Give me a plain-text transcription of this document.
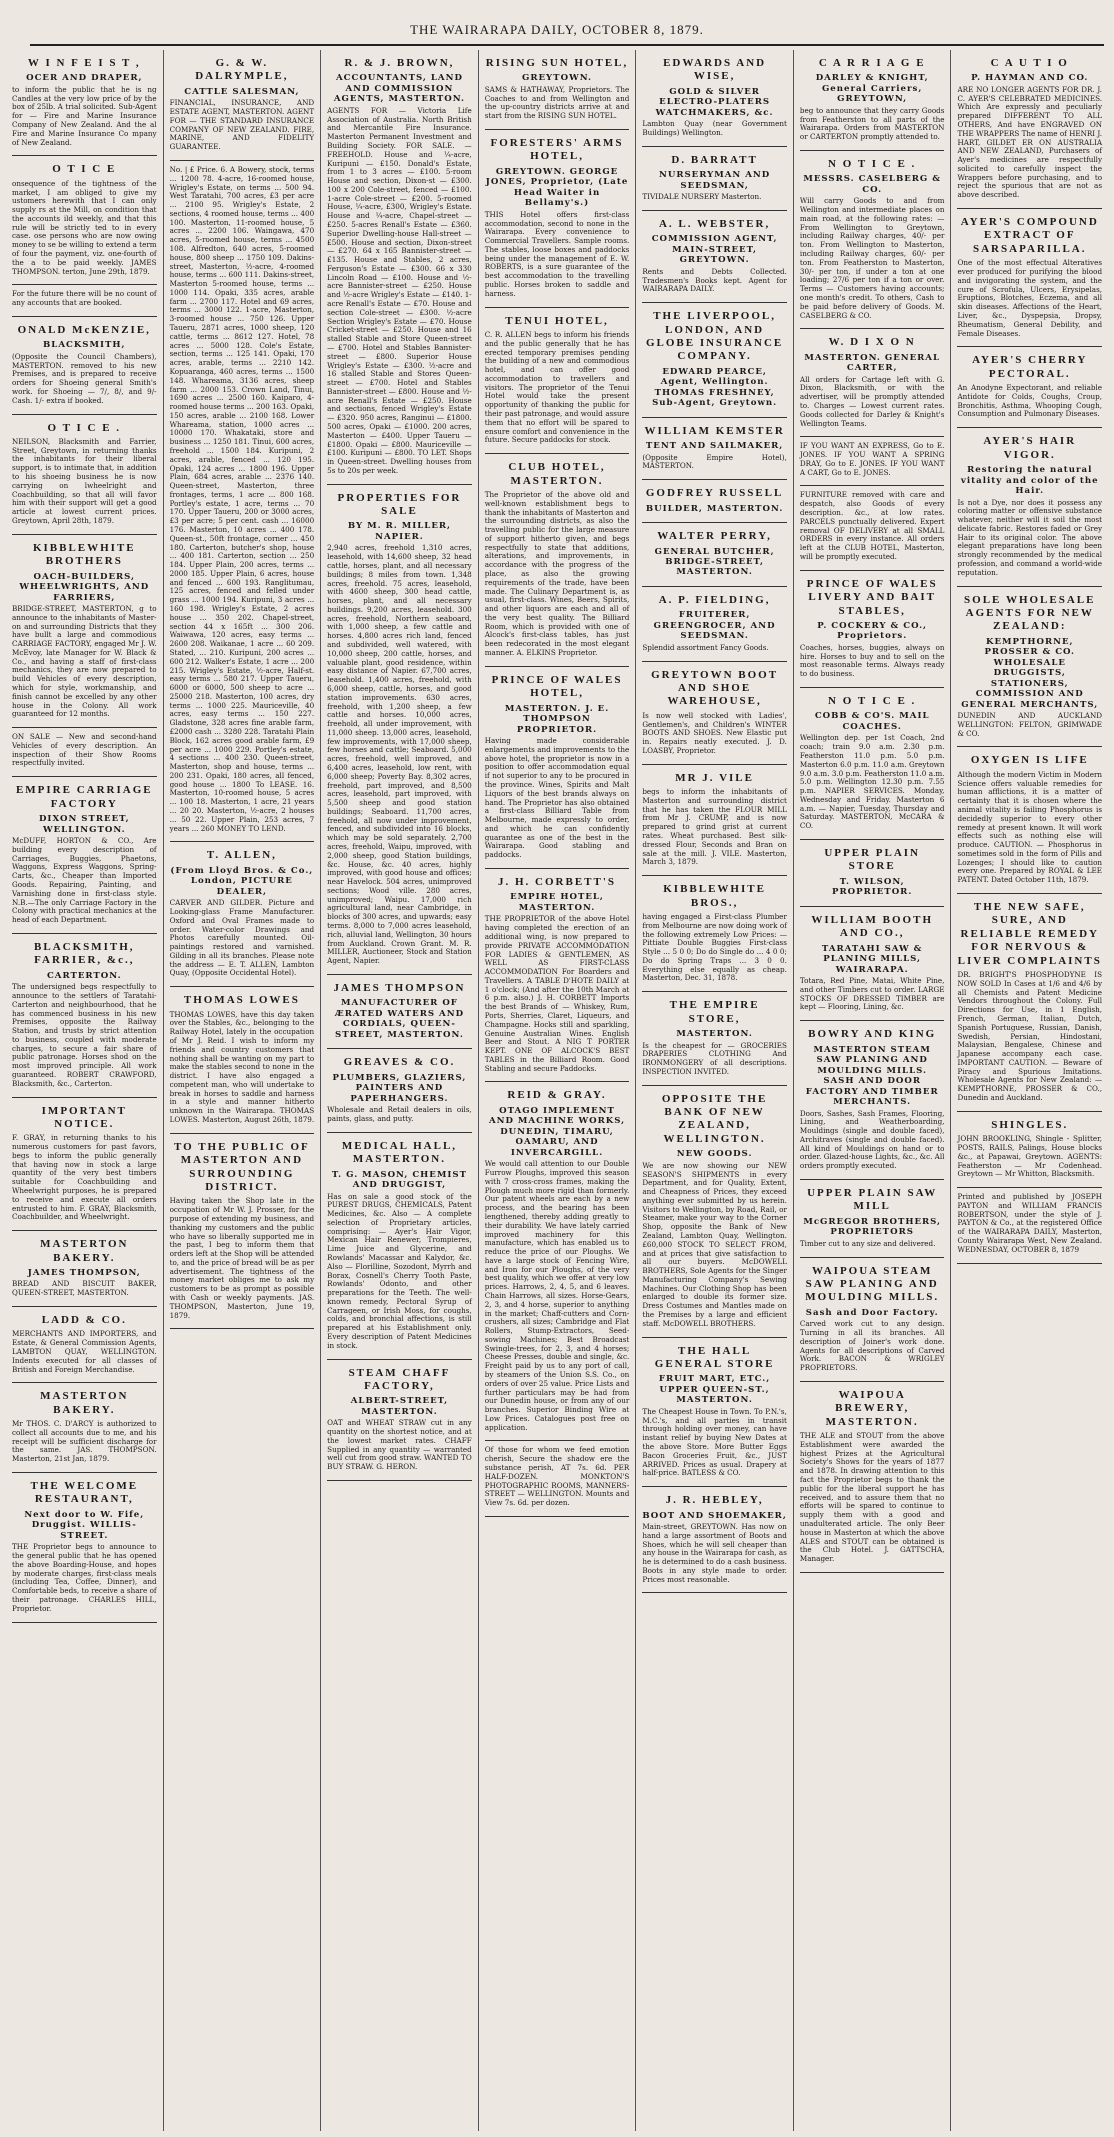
THE WAIRARAPA DAILY, OCTOBER 8, 1879.
W I N F E I S T ,
OCER AND DRAPER,

to inform the public that he is ng Candles at the very low price of by the box of 25lb. A trial solicited. Sub-Agent for — Fire and Marine Insurance Company of New Zealand. And the al Fire and Marine Insurance Co mpany of New Zealand.

O T I C E

onsequence of the tightness of the market, I am obliged to give my ustomers herewith that I can only supply rs at the Mill, on condition that the accounts ild weekly, and that this rule will be strictly ted to in every case. ose persons who are now owing money to se be willing to extend a term of four the payment, viz. one-fourth of the a to be paid weekly. JAMES THOMPSON. terton, June 29th, 1879.

For the future there will be no count of any accounts that are booked.

ONALD McKENZIE,
BLACKSMITH,

(Opposite the Council Chambers), MASTERTON. removed to his new Premises, and is prepared to receive orders for Shoeing general Smith's work. for Shoeing — 7/, 8/, and 9/- Cash. 1/- extra if booked.

O T I C E .

NEILSON, Blacksmith and Farrier, Street, Greytown, in returning thanks the inhabitants for their liberal support, is to intimate that, in addition to his shoeing business he is now carrying on lwheelright and Coachbuilding, so that all will favor him with their support will get a good article at lowest current prices. Greytown, April 28th, 1879.

KIBBLEWHITE BROTHERS
OACH-BUILDERS, WHEELWRIGHTS, AND FARRIERS,

BRIDGE-STREET, MASTERTON, g to announce to the inhabitants of Master- on and surrounding Districts that they have bullt a large and commodious CARRIAGE FACTORY, engaged Mr J. W. McEvoy, late Manager for W. Black & Co., and having a staff of first-class mechanics, they are now prepared to build Vehicles of every description, which for style, workmanship, and finish cannot be excelled by any other house in the Colony. All work guaranteed for 12 months.

ON SALE — New and second-hand Vehicles of every description. An inspection of their Show Rooms respectfully invited.

EMPIRE CARRIAGE FACTORY
DIXON STREET, WELLINGTON.

McDUFF, HORTON & CO., Are building every description of Carriages, Buggies, Phaetons, Waggons, Express Waggons, Spring-Carts, &c., Cheaper than Imported Goods. Repairing, Painting, and Varnishing done in first-class style. N.B.—The only Carriage Factory in the Colony with practical mechanics at the head of each Department.

BLACKSMITH, FARRIER, &c.,
CARTERTON.

The undersigned begs respectfully to announce to the settlers of Taratahi-Carterton and neighbourhood, that he has commenced business in his new Premises, opposite the Railway Station, and trusts by strict attention to business, coupled with moderate charges, to secure a fair share of public patronage. Horses shod on the most improved principle. All work guaranteed. ROBERT CRAWFORD, Blacksmith, &c., Carterton.

IMPORTANT NOTICE.

F. GRAY, in returning thanks to his numerous customers for past favors, begs to inform the public generally that having now in stock a large quantity of the very best timbers suitable for Coachbuilding and Wheelwright purposes, he is prepared to receive and execute all orders entrusted to him. F. GRAY, Blacksmith, Coachbuilder, and Wheelwright.

MASTERTON BAKERY.
JAMES THOMPSON,

BREAD AND BISCUIT BAKER, QUEEN-STREET, MASTERTON.

LADD & CO.

MERCHANTS AND IMPORTERS, and Estate, & General Commission Agents, LAMBTON QUAY, WELLINGTON. Indents executed for all classes of British and Foreign Merchandise.

MASTERTON BAKERY.

Mr THOS. C. D'ARCY is authorized to collect all accounts due to me, and his receipt will be sufficient discharge for the same. JAS. THOMPSON. Masterton, 21st Jan, 1879.

THE WELCOME RESTAURANT,
Next door to W. Fife, Druggist. WILLIS-STREET.

THE Proprietor begs to announce to the general public that he has opened the above Boarding-House, and hopes by moderate charges, first-class meals (including Tea, Coffee, Dinner), and Comfortable beds, to receive a share of their patronage. CHARLES HILL, Proprietor.

G. & W. DALRYMPLE,
CATTLE SALESMAN,

FINANCIAL, INSURANCE, AND ESTATE AGENT, MASTERTON. AGENT FOR — THE STANDARD INSURANCE COMPANY OF NEW ZEALAND. FIRE, MARINE, AND FIDELITY GUARANTEE.

No. | £ Price. 6. A Bowery, stock, terms ... 1200 78. 4-acre, 16-roomed house, Wrigley's Estate, on terms ... 500 94. West Taratahi, 700 acres, £3 per acre ... 2100 95. Wrigley's Estate, 2 sections, 4 roomed house, terms ... 400 100. Masterton, 11-roomed house, 5 acres ... 2200 106. Waingawa, 470 acres, 5-roomed house, terms ... 4500 108. Alfredton, 640 acres, 5-roomed house, 800 sheep ... 1750 109. Dakins-street, Masterton, ½-acre, 4-roomed house, terms ... 600 111. Dakins-street, Masterton 5-roomed house, terms ... 1000 114. Opaki, 335 acres, arable farm ... 2700 117. Hotel and 69 acres, terms ... 3000 122. 1-acre, Masterton, 3-roomed house ... 750 126. Upper Taueru, 2871 acres, 1000 sheep, 120 cattle, terms ... 8612 127. Hotel, 78 acres ... 5000 128. Cole's Estate, section, terms ... 125 141. Opaki, 170 acres, arable, terms ... 2210 142. Kopuaranga, 460 acres, terms ... 1500 148. Whareama, 3136 acres, sheep farm ... 2000 153. Crown Land, Tinui, 1690 acres ... 2500 160. Kaiparo, 4-roomed house terms ... 200 163. Opaki, 150 acres, arable ... 2100 168. Lower Whareama, station, 1000 acres ... 10000 170. Whakataki, store and business ... 1250 181. Tinui, 600 acres, freehold ... 1500 184. Kuripuni, 2 acres, arable, fenced ... 120 195. Opaki, 124 acres ... 1800 196. Upper Plain, 684 acres, arable ... 2376 140. Queen-street, Masterton, three frontages, terms, 1 acre ... 800 168. Portley's estate, 1 acre, terms ... 70 170. Upper Taueru, 200 or 3000 acres, £3 per acre; 5 per cent. cash ... 16000 176. Masterton, 10 acres ... 400 178. Queen-st., 50ft frontage, corner ... 450 180. Carterton, butcher's shop, house ... 400 181. Carterton, section ... 250 184. Upper Plain, 200 acres, terms ... 2000 185. Upper Plain, 6 acres, house and fenced ... 600 193. Ranglitumau, 125 acres, fenced and felled under grass ... 1000 194. Kuripuni, 3 acres ... 160 198. Wrigley's Estate, 2 acres house ... 350 202. Chapel-street, section 44 x 165ft ... 300 206. Waiwawa, 120 acres, easy terms ... 2600 208. Waikanae, 1 acre ... 60 209. Stated, ... 210. Kuripuni, 200 acres ... 600 212. Walker's Estate, 1 acre ... 200 215. Wrigley's Estate, ½-acre, Half-st. easy terms ... 580 217. Upper Taueru, 6000 or 6000, 500 sheep to acre ... 25000 218. Masterton, 100 acres, dry terms ... 1000 225. Mauriceville, 40 acres, easy terms ... 150 227. Gladstone, 328 acres fine arable farm, £2000 cash ... 3280 228. Taratahi Plain Block, 162 acres good arable farm, £9 per acre ... 1000 229. Portley's estate, 4 sections ... 400 230. Queen-street, Masterton, shop and house, terms ... 200 231. Opaki, 180 acres, all fenced, good house ... 1800 To LEASE. 16. Masterton, 10-roomed house, 5 acres ... 100 18. Masterton, 1 acre, 21 years ... 20 20. Masterton, ½-acre, 2 houses ... 50 22. Upper Plain, 253 acres, 7 years ... 260 MONEY TO LEND.

T. ALLEN,
(From Lloyd Bros. & Co., London, PICTURE DEALER,

CARVER AND GILDER. Picture and Looking-glass Frame Manufacturer. Oxford and Oval Frames made to order. Water-color Drawings and Photos carefully mounted. Oil-paintings restored and varnished. Gilding in all its branches. Please note the address — E. T. ALLEN, Lambton Quay, (Opposite Occidental Hotel).

THOMAS LOWES

THOMAS LOWES, have this day taken over the Stables, &c., belonging to the Railway Hotel, lately in the occupation of Mr J. Reid. I wish to inform my friends and country customers that nothing shall be wanting on my part to make the stables second to none in the district. I have also engaged a competent man, who will undertake to break in horses to saddle and harness in a style and manner hitherto unknown in the Wairarapa. THOMAS LOWES. Masterton, August 26th, 1879.

TO THE PUBLIC OF MASTERTON AND SURROUNDING DISTRICT.

Having taken the Shop late in the occupation of Mr W. J. Prosser, for the purpose of extending my business, and thanking my customers and the public who have so liberally supported me in the past, I beg to inform them that orders left at the Shop will be attended to, and the price of bread will be as per advertisement. The tightness of the money market obliges me to ask my customers to be as prompt as possible with Cash or weekly payments. JAS. THOMPSON, Masterton, June 19, 1879.

R. & J. BROWN,
ACCOUNTANTS, LAND AND COMMISSION AGENTS, MASTERTON.

AGENTS FOR — Victoria Life Association of Australia. North British and Mercantile Fire Insurance. Masterton Permanent Investment and Building Society. FOR SALE. — FREEHOLD. House and ¼-acre, Kuripuni — £150. Donald's Estate, from 1 to 3 acres — £100. 5-room House and section, Dixon-st — £300. 100 x 200 Cole-street, fenced — £100. 1-acre Cole-street — £200. 5-roomed House, ¼-acre, £300, Wrigley's Estate. House and ¼-acre, Chapel-street — £250. 5-acres Renall's Estate — £360. Superior Dwelling-house Hall-street — £500. House and section, Dixon-street — £270. 64 x 165 Bannister-street — £135. House and Stables, 2 acres, Ferguson's Estate — £300. 66 x 330 Lincoln Road — £100. House and ½-acre Bannister-street — £250. House and ½-acre Wrigley's Estate — £140. 1-acre Renall's Estate — £70. House and section Cole-street — £300. ½-acre Section Wrigley's Estate — £70. House Cricket-street — £250. House and 16 stalled Stable and Store Queen-street — £700. Hotel and Stables Bannister-street — £800. Superior House Wrigley's Estate — £300. ½-acre and 16 stalled Stable and Stores Queen-street — £700. Hotel and Stables Bannister-street — £800. House and ½-acre Renall's Estate — £250. House and sections, fenced Wrigley's Estate — £320. 950 acres, Ranginui — £1800. 500 acres, Opaki — £1000. 200 acres, Masterton — £400. Upper Taueru — £1800. Opaki — £800. Mauriceville — £100. Kuripuni — £800. TO LET. Shops in Queen-street. Dwelling houses from 5s to 20s per week.

PROPERTIES FOR SALE
BY M. R. MILLER, NAPIER.

2,940 acres, freehold 1,310 acres, leasehold, with 14,600 sheep, 32 head cattle, horses, plant, and all necessary buildings; 8 miles from town. 1,348 acres, freehold. 75 acres, leasehold, with 4600 sheep, 300 head cattle, horses, plant, and all necessary buildings. 9,200 acres, leasehold. 300 acres, freehold, Northern seaboard, with 1,000 sheep, a few cattle and horses. 4,800 acres rich land, fenced and subdivided, well watered, with 10,000 sheep, 200 cattle, horses, and valuable plant, good residence, within easy distance of Napier. 67,700 acres, leasehold. 1,400 acres, freehold, with 6,000 sheep, cattle, horses, and good station improvements. 630 acres, freehold, with 1,200 sheep, a few cattle and horses. 10,000 acres, freehold, all under improvement, with 11,000 sheep. 13,000 acres, leasehold, few improvements, with 17,000 sheep, few horses and cattle; Seaboard. 5,000 acres, freehold, well improved, and 6,400 acres, leasehold, low rent, with 6,000 sheep; Poverty Bay. 8,302 acres, freehold, part improved, and 8,500 acres, leasehold, part improved, with 5,500 sheep and good station buildings; Seaboard. 11,700 acres, freehold, all now under improvement, fenced, and subdivided into 16 blocks, which may be sold separately. 2,700 acres, freehold, Waipu, improved, with 2,000 sheep, good Station buildings, &c. House, &c. 40 acres, highly improved, with good house and offices; near Havelock. 504 acres, unimproved sections; Wood ville. 280 acres, unimproved; Waipu. 17,000 rich agricultural land, near Cambridge, in blocks of 300 acres, and upwards; easy terms. 8,000 to 7,000 acres leasehold, rich, alluvial land, Wellington, 30 hours from Auckland. Crown Grant. M. R. MILLER, Auctioneer, Stock and Station Agent, Napier.

JAMES THOMPSON
MANUFACTURER OF ÆRATED WATERS AND CORDIALS, QUEEN-STREET, MASTERTON.
GREAVES & CO.
PLUMBERS, GLAZIERS, PAINTERS AND PAPERHANGERS.

Wholesale and Retail dealers in oils, paints, glass, and putty.

MEDICAL HALL, MASTERTON.
T. G. MASON, CHEMIST AND DRUGGIST,

Has on sale a good stock of the PUREST DRUGS, CHEMICALS, Patent Medicines, &c. Also — A complete selection of Proprietary articles, comprising: — Ayer's Hair Vigor, Mexican Hair Renewer, Trompieres, Lime Juice and Glycerine, and Rowlands' Macassar and Kalydor, &c. Also — Florilline, Sozodont, Myrrh and Borax, Cosnell's Cherry Tooth Paste, Rowlands' Odonto, and other preparations for the Teeth. The well-known remedy, Pectoral Syrup of Carrageen, or Irish Moss, for coughs, colds, and bronchial affections, is still prepared at his Establishment only. Every description of Patent Medicines in stock.

STEAM CHAFF FACTORY,
ALBERT-STREET, MASTERTON.

OAT and WHEAT STRAW cut in any quantity on the shortest notice, and at the lowest market rates. CHAFF Supplied in any quantity — warranted well cut from good straw. WANTED TO BUY STRAW. G. HERON.

RISING SUN HOTEL,
GREYTOWN.

SAMS & HATHAWAY, Proprietors. The Coaches to and from Wellington and the up-country districts arrive at and start from the RISING SUN HOTEL.

FORESTERS' ARMS HOTEL,
GREYTOWN. GEORGE JONES, Proprietor, (Late Head Waiter in Bellamy's.)

THIS Hotel offers first-class accommodation, second to none in the Wairarapa. Every convenience to Commercial Travellers. Sample rooms. The stables, loose boxes and paddocks being under the management of E. W. ROBERTS, is a sure guarantee of the best accommodation to the travelling public. Horses broken to saddle and harness.

TENUI HOTEL,

C. R. ALLEN begs to inform his friends and the public generally that he has erected temporary premises pending the building of a new and commodious hotel, and can offer good accommodation to travellers and visitors. The proprietor of the Tenui Hotel would take the present opportunity of thanking the public for their past patronage, and would assure them that no effort will be spared to ensure comfort and convenience in the future. Secure paddocks for stock.

CLUB HOTEL, MASTERTON.

The Proprietor of the above old and well-known establishment begs to thank the inhabitants of Masterton and the surrounding districts, as also the travelling public for the large measure of support hitherto given, and begs respectfully to state that additions, alterations, and improvements, in accordance with the progress of the place, as also the growing requirements of the trade, have been made. The Culinary Department is, as usual, first-class. Wines, Beers, Spirits, and other liquors are each and all of the very best quality. The Billiard Room, which is provided with one of Alcock's first-class tables, has just been redecorated in the most elegant manner. A. ELKINS Proprietor.

PRINCE OF WALES HOTEL,
MASTERTON. J. E. THOMPSON PROPRIETOR.

Having made considerable enlargements and improvements to the above hotel, the proprietor is now in a position to offer accommodation equal if not superior to any to be procured in the province. Wines, Spirits and Malt Liquors of the best brands always on hand. The Proprietor has also obtained a first-class Billiard Table from Melbourne, made expressly to order, and which he can confidently guarantee as one of the best in the Wairarapa. Good stabling and paddocks.

J. H. CORBETT'S
EMPIRE HOTEL, MASTERTON.

THE PROPRIETOR of the above Hotel having completed the erection of an additional wing, is now prepared to provide PRIVATE ACCOMMODATION FOR LADIES & GENTLEMEN, AS WELL AS FIRST-CLASS ACCOMMODATION For Boarders and Travellers. A TABLE D'HOTE DAILY at 1 o'clock; (And after the 10th March at 6 p.m. also.) J. H. CORBETT Imports the best Brands of — Whiskey, Rum, Ports, Sherries, Claret, Liqueurs, and Champagne. Hocks still and sparkling, Genuine Australian Wines. English Beer and Stout. A NIG T PORTER KEPT. ONE OF ALCOCK'S BEST TABLES in the Billiard Room. Good Stabling and secure Paddocks.

REID & GRAY.
OTAGO IMPLEMENT AND MACHINE WORKS, DUNEDIN, TIMARU, OAMARU, AND INVERCARGILL.

We would call attention to our Double Furrow Ploughs, improved this season with 7 cross-cross frames, making the Plough much more rigid than formerly. Our patent wheels are each by a new process, and the bearing has been lengthened, thereby adding greatly to their durability. We have lately carried improved machinery for this manufacture, which has enabled us to reduce the price of our Ploughs. We have a large stock of Fencing Wire, and Iron for our Ploughs, of the very best quality, which we offer at very low prices. Harrows, 2, 4, 5, and 6 leaves. Chain Harrows, all sizes. Horse-Gears, 2, 3, and 4 horse, superior to anything in the market; Chaff-cutters and Corn-crushers, all sizes; Cambridge and Flat Rollers, Stump-Extractors, Seed-sowing Machines; Best Broadcast Swingle-trees, for 2, 3, and 4 horses; Cheese Presses, double and single, &c. Freight paid by us to any port of call, by steamers of the Union S.S. Co., on orders of over 25 value. Price Lists and further particulars may be had from our Dunedin house, or from any of our branches. Superior Binding Wire at Low Prices. Catalogues post free on application.

Of those for whom we feed emotion cherish, Secure the shadow ere the substance perish, AT 7s. 6d. PER HALF-DOZEN. MONKTON'S PHOTOGRAPHIC ROOMS, MANNERS-STREET — WELLINGTON. Mounts and View 7s. 6d. per dozen.

EDWARDS AND WISE,
GOLD & SILVER ELECTRO-PLATERS WATCHMAKERS, &c.

Lambton Quay (near Government Buildings) Wellington.

D. BARRATT
NURSERYMAN AND SEEDSMAN,

TIVIDALE NURSERY Masterton.

A. L. WEBSTER,
COMMISSION AGENT, MAIN-STREET, GREYTOWN.

Rents and Debts Collected. Tradesmen's Books kept. Agent for WAIRARAPA DAILY.

THE LIVERPOOL, LONDON, AND GLOBE INSURANCE COMPANY.
EDWARD PEARCE, Agent, Wellington. THOMAS FRESHNEY, Sub-Agent, Greytown.
WILLIAM KEMSTER
TENT AND SAILMAKER,

(Opposite Empire Hotel), MASTERTON.

GODFREY RUSSELL
BUILDER, MASTERTON.
WALTER PERRY,
GENERAL BUTCHER, BRIDGE-STREET, MASTERTON.
A. P. FIELDING,
FRUITERER, GREENGROCER, AND SEEDSMAN.

Splendid assortment Fancy Goods.

GREYTOWN BOOT AND SHOE WAREHOUSE,

Is now well stocked with Ladies', Gentlemen's, and Children's WINTER BOOTS AND SHOES. New Elastic put in. Repairs neatly executed. J. D. LOASBY, Proprietor.

MR J. VILE

begs to inform the inhabitants of Masterton and surrounding district that he has taken the FLOUR MILL from Mr J. CRUMP, and is now prepared to grind grist at current rates. Wheat purchased. Best silk-dressed Flour, Seconds and Bran on sale at the mill. J. VILE. Masterton, March 3, 1879.

KIBBLEWHITE BROS.,

having engaged a First-class Plumber from Melbourne are now doing work of the following extremely Low Prices: — Pittiate Double Buggies First-class Style ... 5 0 0; Do do Single do ... 4 0 0; Do do Spring Traps ... 3 0 0. Everything else equally as cheap. Masterton, Dec. 31, 1878.

THE EMPIRE STORE,
MASTERTON.

Is the cheapest for — GROCERIES DRAPERIES CLOTHING And IRONMONGERY of all descriptions. INSPECTION INVITED.

OPPOSITE THE BANK OF NEW ZEALAND, WELLINGTON.
NEW GOODS.

We are now showing our NEW SEASON'S SHIPMENTS in every Department, and for Quality, Extent, and Cheapness of Prices, they exceed anything ever submitted by us herein. Visitors to Wellington, by Road, Rail, or Steamer, make your way to the Corner Shop, opposite the Bank of New Zealand, Lambton Quay, Wellington. £60,000 STOCK TO SELECT FROM, and at prices that give satisfaction to all our buyers. McDOWELL BROTHERS, Sole Agents for the Singer Manufacturing Company's Sewing Machines. Our Clothing Shop has been enlarged to double its former size. Dress Costumes and Mantles made on the Premises by a large and efficient staff. McDOWELL BROTHERS.

THE HALL GENERAL STORE
FRUIT MART, ETC., UPPER QUEEN-ST., MASTERTON.

The Cheapest House in Town. To P.N.'s, M.C.'s, and all parties in transit through holding over money, can have instant relief by buying New Dates at the above Store. More Butter Eggs Bacon Groceries Fruit, &c., JUST ARRIVED. Prices as usual. Drapery at half-price. BATLESS & CO.

J. R. HEBLEY,
BOOT AND SHOEMAKER,

Main-street, GREYTOWN. Has now on hand a large assortment of Boots and Shoes, which he will sell cheaper than any house in the Wairarapa for cash, as he is determined to do a cash business. Boots in any style made to order. Prices most reasonable.

C A R R I A G E
DARLEY & KNIGHT, General Carriers, GREYTOWN,

beg to announce that they carry Goods from Featherston to all parts of the Wairarapa. Orders from MASTERTON or CARTERTON promptly attended to.

N O T I C E .
MESSRS. CASELBERG & CO.

Will carry Goods to and from Wellington and intermediate places on main road, at the following rates: — From Wellington to Greytown, including Railway charges, 40/- per ton. From Wellington to Masterton, including Railway charges, 60/- per ton. From Featherston to Masterton, 30/- per ton, if under a ton at one loading; 27/6 per ton if a ton or over. Terms — Customers having accounts; one month's credit. To others, Cash to be paid before delivery of Goods. M. CASELBERG & CO.

W. D I X O N
MASTERTON. GENERAL CARTER,

All orders for Cartage left with G. Dixon, Blacksmith, or with the advertiser, will be promptly attended to. Charges — Lowest current rates. Goods collected for Darley & Knight's Wellington Teams.

IF YOU WANT AN EXPRESS, Go to E. JONES. IF YOU WANT A SPRING DRAY, Go to E. JONES. IF YOU WANT A CART, Go to E. JONES.

FURNITURE removed with care and despatch, also Goods of every description. &c., at low rates. PARCELS punctually delivered. Expert removal OF DELIVERY at all SMALL ORDERS in every instance. All orders left at the CLUB HOTEL, Masterton, will be promptly executed.

PRINCE OF WALES LIVERY AND BAIT STABLES,
P. COCKERY & CO., Proprietors.

Coaches, horses, buggies, always on hire. Horses to buy and to sell on the most reasonable terms. Always ready to do business.

N O T I C E .
COBB & CO'S. MAIL COACHES.

Wellington dep. per 1st Coach, 2nd coach; train 9.0 a.m. 2.30 p.m. Featherston 11.0 p.m. 5.0 p.m. Masterton 6.0 p.m. 11.0 a.m. Greytown 9.0 a.m. 3.0 p.m. Featherston 11.0 a.m. 5.0 p.m. Wellington 12.30 p.m. 7.55 p.m. NAPIER SERVICES. Monday, Wednesday and Friday. Masterton 6 a.m. — Napier, Tuesday, Thursday and Saturday. MASTERTON, McCARA & CO.

UPPER PLAIN STORE
T. WILSON, PROPRIETOR.
WILLIAM BOOTH AND CO.,
TARATAHI SAW & PLANING MILLS, WAIRARAPA.

Totara, Red Pine, Matai, White Pine, and other Timbers cut to order. LARGE STOCKS OF DRESSED TIMBER are kept — Flooring, Lining, &c.

BOWRY AND KING
MASTERTON STEAM SAW PLANING AND MOULDING MILLS. SASH AND DOOR FACTORY AND TIMBER MERCHANTS.

Doors, Sashes, Sash Frames, Flooring, Lining, and Weatherboarding, Mouldings (single and double faced), Architraves (single and double faced). All kind of Mouldings on hand or to order. Glazed-house Lights, &c., &c. All orders promptly executed.

UPPER PLAIN SAW MILL
McGREGOR BROTHERS, PROPRIETORS

Timber cut to any size and delivered.

WAIPOUA STEAM SAW PLANING AND MOULDING MILLS.
Sash and Door Factory.

Carved work cut to any design. Turning in all its branches. All description of Joiner's work done. Agents for all descriptions of Carved Work. BACON & WRIGLEY PROPRIETORS.

WAIPOUA BREWERY, MASTERTON.

THE ALE and STOUT from the above Establishment were awarded the highest Prizes at the Agricultural Society's Shows for the years of 1877 and 1878. In drawing attention to this fact the Proprietor begs to thank the public for the liberal support he has received, and to assure them that no efforts will be spared to continue to supply them with a good and unadulterated article. The only Beer house in Masterton at which the above ALES and STOUT can be obtained is the Club Hotel. J. GATTSCHA, Manager.

C A U T I O
P. HAYMAN AND CO.

ARE NO LONGER AGENTS FOR DR. J. C. AYER'S CELEBRATED MEDICINES. Which Are expressly and peculiarly prepared DIFFERENT TO ALL OTHERS, And have ENGRAVED ON THE WRAPPERS The name of HENRI J. HART, GILDET ER ON AUSTRALIA AND NEW ZEALAND, Purchasers of Ayer's medicines are respectfully solicited to carefully inspect the Wrappers before purchasing, and to reject the spurious that are not as above described.

AYER'S COMPOUND EXTRACT OF SARSAPARILLA.

One of the most effectual Alteratives ever produced for purifying the blood and invigorating the system, and the cure of Scrofula, Ulcers, Erysipelas, Eruptions, Blotches, Eczema, and all skin diseases. Affections of the Heart, Liver, &c., Dyspepsia, Dropsy, Rheumatism, General Debility, and Female Diseases.

AYER'S CHERRY PECTORAL.

An Anodyne Expectorant, and reliable Antidote for Colds, Coughs, Croup, Bronchitis, Asthma, Whooping Cough, Consumption and Pulmonary Diseases.

AYER'S HAIR VIGOR.
Restoring the natural vitality and color of the Hair.

Is not a Dye, nor does it possess any coloring matter or offensive substance whatever, neither will it soil the most delicate fabric. Restores faded or Grey Hair to its original color. The above elegant preparations have long been strongly recommended by the medical profession, and command a world-wide reputation.

SOLE WHOLESALE AGENTS FOR NEW ZEALAND:
KEMPTHORNE, PROSSER & CO. WHOLESALE DRUGGISTS, STATIONERS, COMMISSION AND GENERAL MERCHANTS,

DUNEDIN AND AUCKLAND WELLINGTON: FELTON, GRIMWADE & CO.

OXYGEN IS LIFE

Although the modern Victim in Modern Science offers valuable remedies for human afflictions, it is a matter of certainty that it is chosen where the animal vitality is failing Phosphorus is decidedly superior to every other remedy at present known. It will work effects such as nothing else will produce. CAUTION. — Phosphorus in sometimes sold in the form of Pills and Lozenges; I should like to caution every one. Prepared by ROYAL & LEE PATENT. Dated October 11th, 1879.

THE NEW SAFE, SURE, AND RELIABLE REMEDY FOR NERVOUS & LIVER COMPLAINTS

DR. BRIGHT'S PHOSPHODYNE IS NOW SOLD In Cases at 1/6 and 4/6 by all Chemists and Patent Medicine Vendors throughout the Colony. Full Directions for Use, in 1 English, French, German, Italian, Dutch, Spanish Portuguese, Russian, Danish, Swedish, Persian, Hindostani, Malaysian, Bengalese, Chinese and Japanese accompany each case. IMPORTANT CAUTION. — Beware of Piracy and Spurious Imitations. Wholesale Agents for New Zealand: — KEMPTHORNE, PROSSER & CO., Dunedin and Auckland.

SHINGLES.

JOHN BROOKLING, Shingle - Splitter, POSTS, RAILS, Palings, House blocks &c., at Papawai, Greytown. AGENTS: Featherston — Mr Codenhead. Greytown — Mr Whitton, Blacksmith.

Printed and published by JOSEPH PAYTON and WILLIAM FRANCIS ROBERTSON, under the style of J. PAYTON & Co., at the registered Office of the WAIRARAPA DAILY, Masterton, County Wairarapa West, New Zealand. WEDNESDAY, OCTOBER 8, 1879
